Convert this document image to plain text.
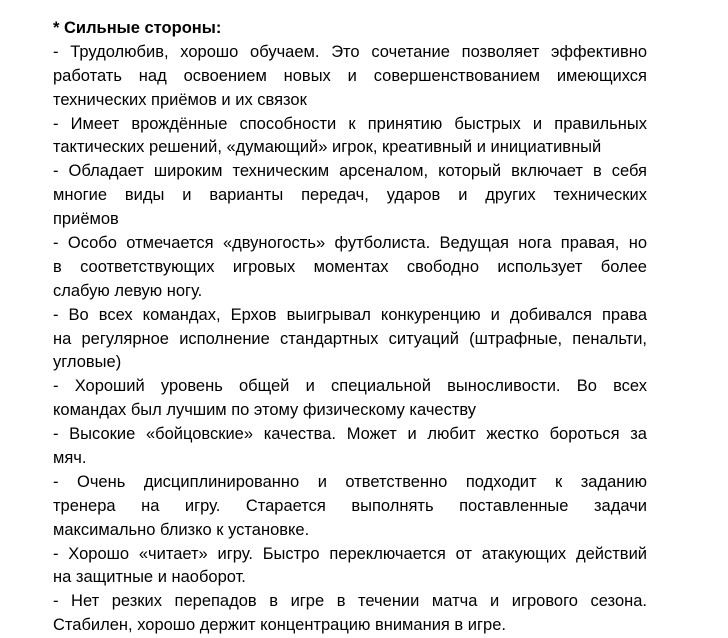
* Сильные стороны:
- Трудолюбив, хорошо обучаем. Это сочетание позволяет эффективно
работать над освоением новых и совершенствованием имеющихся
технических приёмов и их связок
- Имеет врождённые способности к принятию быстрых и правильных
тактических решений, «думающий» игрок, креативный и инициативный
- Обладает широким техническим арсеналом, который включает в себя
многие виды и варианты передач, ударов и других технических
приёмов
- Особо отмечается «двуногость» футболиста. Ведущая нога правая, но
в соответствующих игровых моментах свободно использует более
слабую левую ногу.
- Во всех командах, Ерхов выигрывал конкуренцию и добивался права
на регулярное исполнение стандартных ситуаций (штрафные, пенальти,
угловые)
- Хороший уровень общей и специальной выносливости. Во всех
командах был лучшим по этому физическому качеству
- Высокие «бойцовские» качества. Может и любит жестко бороться за
мяч.
- Очень дисциплинированно и ответственно подходит к заданию
тренера на игру. Старается выполнять поставленные задачи
максимально близко к установке.
- Хорошо «читает» игру. Быстро переключается от атакующих действий
на защитные и наоборот.
- Нет резких перепадов в игре в течении матча и игрового сезона.
Стабилен, хорошо держит концентрацию внимания в игре.
